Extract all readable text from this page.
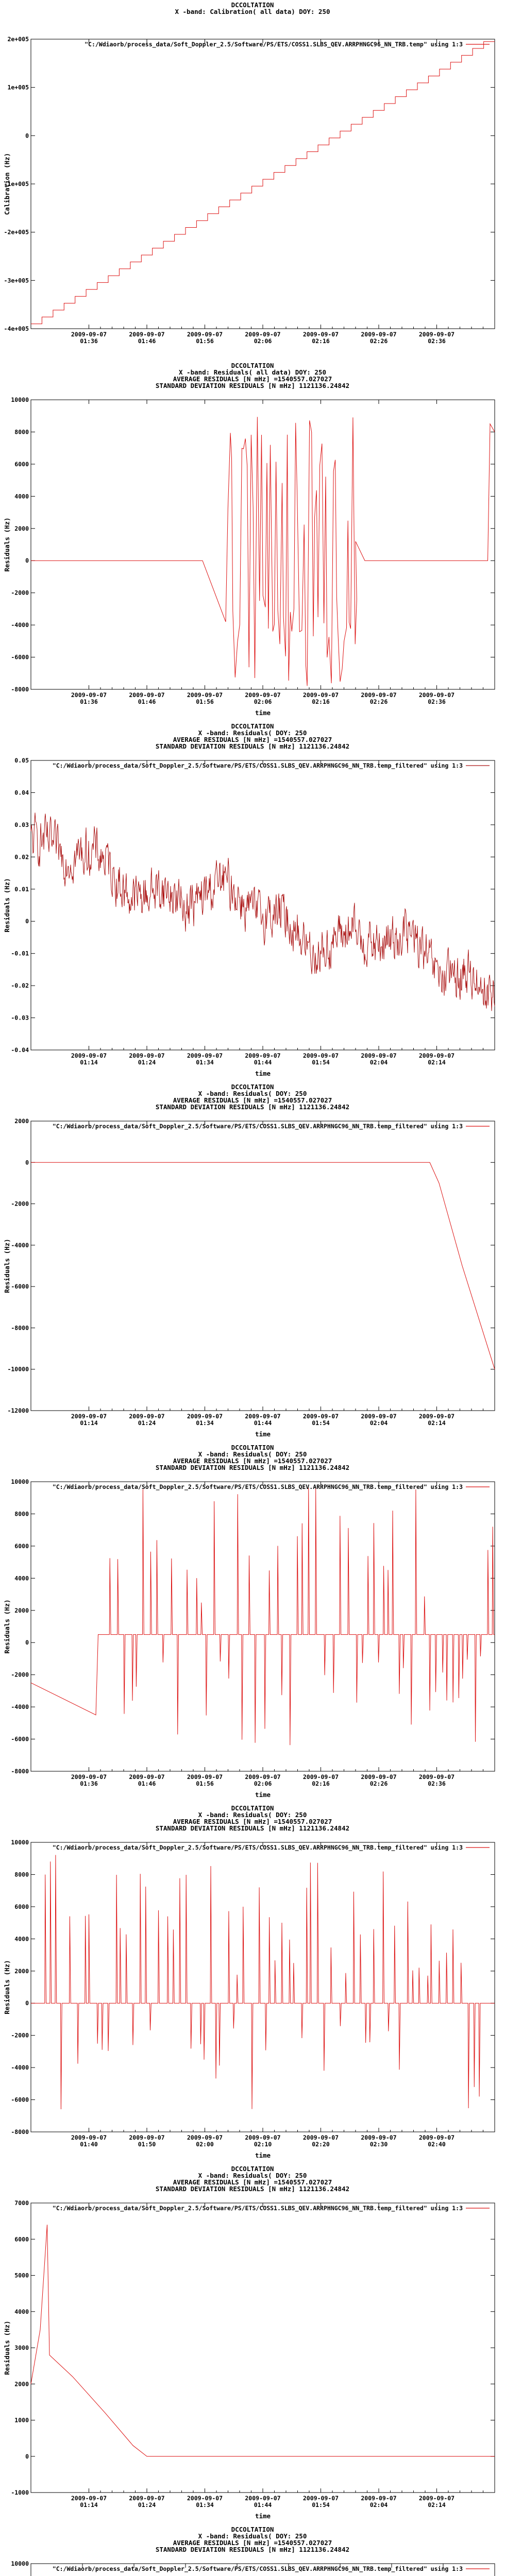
DCCOLTATION
X -band: Calibration( all data) DOY: 250
-4e+005
-3e+005
-2e+005
-1e+005
0
1e+005
2e+005
2009-09-07
01:36
2009-09-07
01:46
2009-09-07
01:56
2009-09-07
02:06
2009-09-07
02:16
2009-09-07
02:26
2009-09-07
02:36
Calibration (Hz)
"C:/Wdiaorb/process_data/Soft_Doppler_2.5/Software/PS/ETS/COSS1.SLBS_QEV.ARRPHNGC96_NN_TRB.temp" using 1:3
DCCOLTATION
X -band: Residuals( all data) DOY: 250
AVERAGE RESIDUALS [N mHz] =1540557.027027
STANDARD DEVIATION RESIDUALS [N mHz] 1121136.24842
-8000
-6000
-4000
-2000
0
2000
4000
6000
8000
10000
2009-09-07
01:36
2009-09-07
01:46
2009-09-07
01:56
2009-09-07
02:06
2009-09-07
02:16
2009-09-07
02:26
2009-09-07
02:36
time
Residuals (Hz)
DCCOLTATION
X -band: Residuals( DOY: 250
AVERAGE RESIDUALS [N mHz] =1540557.027027
STANDARD DEVIATION RESIDUALS [N mHz] 1121136.24842
-0.04
-0.03
-0.02
-0.01
0
0.01
0.02
0.03
0.04
0.05
2009-09-07
01:14
2009-09-07
01:24
2009-09-07
01:34
2009-09-07
01:44
2009-09-07
01:54
2009-09-07
02:04
2009-09-07
02:14
time
Residuals (Hz)
"C:/Wdiaorb/process_data/Soft_Doppler_2.5/Software/PS/ETS/COSS1.SLBS_QEV.ARRPHNGC96_NN_TRB.temp_filtered" using 1:3
DCCOLTATION
X -band: Residuals( DOY: 250
AVERAGE RESIDUALS [N mHz] =1540557.027027
STANDARD DEVIATION RESIDUALS [N mHz] 1121136.24842
-12000
-10000
-8000
-6000
-4000
-2000
0
2000
2009-09-07
01:14
2009-09-07
01:24
2009-09-07
01:34
2009-09-07
01:44
2009-09-07
01:54
2009-09-07
02:04
2009-09-07
02:14
time
Residuals (Hz)
"C:/Wdiaorb/process_data/Soft_Doppler_2.5/Software/PS/ETS/COSS1.SLBS_QEV.ARRPHNGC96_NN_TRB.temp_filtered" using 1:3
DCCOLTATION
X -band: Residuals( DOY: 250
AVERAGE RESIDUALS [N mHz] =1540557.027027
STANDARD DEVIATION RESIDUALS [N mHz] 1121136.24842
-8000
-6000
-4000
-2000
0
2000
4000
6000
8000
10000
2009-09-07
01:36
2009-09-07
01:46
2009-09-07
01:56
2009-09-07
02:06
2009-09-07
02:16
2009-09-07
02:26
2009-09-07
02:36
time
Residuals (Hz)
"C:/Wdiaorb/process_data/Soft_Doppler_2.5/Software/PS/ETS/COSS1.SLBS_QEV.ARRPHNGC96_NN_TRB.temp_filtered" using 1:3
DCCOLTATION
X -band: Residuals( DOY: 250
AVERAGE RESIDUALS [N mHz] =1540557.027027
STANDARD DEVIATION RESIDUALS [N mHz] 1121136.24842
-8000
-6000
-4000
-2000
0
2000
4000
6000
8000
10000
2009-09-07
01:40
2009-09-07
01:50
2009-09-07
02:00
2009-09-07
02:10
2009-09-07
02:20
2009-09-07
02:30
2009-09-07
02:40
time
Residuals (Hz)
"C:/Wdiaorb/process_data/Soft_Doppler_2.5/Software/PS/ETS/COSS1.SLBS_QEV.ARRPHNGC96_NN_TRB.temp_filtered" using 1:3
DCCOLTATION
X -band: Residuals( DOY: 250
AVERAGE RESIDUALS [N mHz] =1540557.027027
STANDARD DEVIATION RESIDUALS [N mHz] 1121136.24842
-1000
0
1000
2000
3000
4000
5000
6000
7000
2009-09-07
01:14
2009-09-07
01:24
2009-09-07
01:34
2009-09-07
01:44
2009-09-07
01:54
2009-09-07
02:04
2009-09-07
02:14
time
Residuals (Hz)
"C:/Wdiaorb/process_data/Soft_Doppler_2.5/Software/PS/ETS/COSS1.SLBS_QEV.ARRPHNGC96_NN_TRB.temp_filtered" using 1:3
DCCOLTATION
X -band: Residuals( DOY: 250
AVERAGE RESIDUALS [N mHz] =1540557.027027
STANDARD DEVIATION RESIDUALS [N mHz] 1121136.24842
10000
"C:/Wdiaorb/process_data/Soft_Doppler_2.5/Software/PS/ETS/COSS1.SLBS_QEV.ARRPHNGC96_NN_TRB.temp_filtered" using 1:3
